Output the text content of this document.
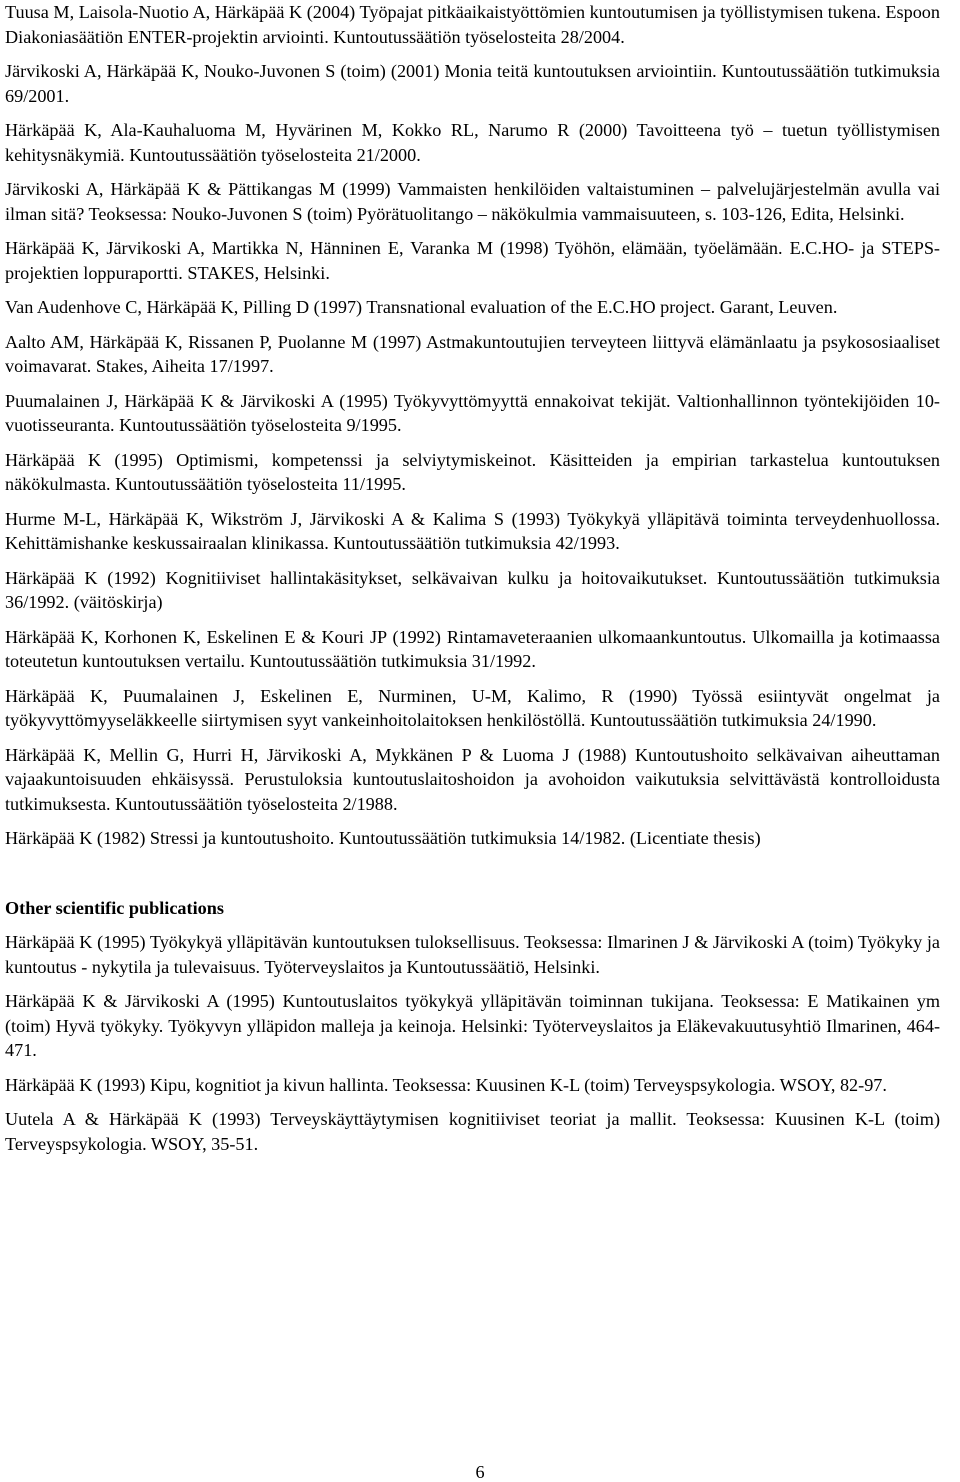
Tuusa M, Laisola-Nuotio A, Härkäpää K (2004) Työpajat pitkäaikaistyöttömien kuntoutumisen ja työllistymisen tukena. Espoon Diakoniasäätiön ENTER-projektin arviointi. Kuntoutussäätiön työselosteita 28/2004.

Järvikoski A, Härkäpää K, Nouko-Juvonen S (toim) (2001) Monia teitä kuntoutuksen arviointiin. Kuntoutussäätiön tutkimuksia 69/2001.

Härkäpää K, Ala-Kauhaluoma M, Hyvärinen M, Kokko RL, Narumo R (2000) Tavoitteena työ – tuetun työllistymisen kehitysnäkymiä. Kuntoutussäätiön työselosteita 21/2000.

Järvikoski A, Härkäpää K & Pättikangas M (1999) Vammaisten henkilöiden valtaistuminen – palvelujärjestelmän avulla vai ilman sitä? Teoksessa: Nouko-Juvonen S (toim) Pyörätuolitango – näkökulmia vammaisuuteen, s. 103-126, Edita, Helsinki.

Härkäpää K, Järvikoski A, Martikka N, Hänninen E, Varanka M (1998) Työhön, elämään, työelämään. E.C.HO- ja STEPS-projektien loppuraportti. STAKES, Helsinki.

Van Audenhove C, Härkäpää K, Pilling D (1997) Transnational evaluation of the E.C.HO project. Garant, Leuven.

Aalto AM, Härkäpää K, Rissanen P, Puolanne M (1997) Astmakuntoutujien terveyteen liittyvä elämänlaatu ja psykososiaaliset voimavarat. Stakes, Aiheita 17/1997.

Puumalainen J, Härkäpää K & Järvikoski A (1995) Työkyvyttömyyttä ennakoivat tekijät. Valtionhallinnon työntekijöiden 10-vuotisseuranta. Kuntoutussäätiön työselosteita 9/1995.

Härkäpää K (1995) Optimismi, kompetenssi ja selviytymiskeinot. Käsitteiden ja empirian tarkastelua kuntoutuksen näkökulmasta. Kuntoutussäätiön työselosteita 11/1995.

Hurme M-L, Härkäpää K, Wikström J, Järvikoski A & Kalima S (1993) Työkykyä ylläpitävä toiminta terveydenhuollossa. Kehittämishanke keskussairaalan klinikassa. Kuntoutussäätiön tutkimuksia 42/1993.

Härkäpää K (1992) Kognitiiviset hallintakäsitykset, selkävaivan kulku ja hoitovaikutukset. Kuntoutussäätiön tutkimuksia 36/1992. (väitöskirja)

Härkäpää K, Korhonen K, Eskelinen E & Kouri JP (1992) Rintamaveteraanien ulkomaankuntoutus. Ulkomailla ja kotimaassa toteutetun kuntoutuksen vertailu. Kuntoutussäätiön tutkimuksia 31/1992.

Härkäpää K, Puumalainen J, Eskelinen E, Nurminen, U-M, Kalimo, R (1990) Työssä esiintyvät ongelmat ja työkyvyttömyyseläkkeelle siirtymisen syyt vankeinhoitolaitoksen henkilöstöllä. Kuntoutussäätiön tutkimuksia 24/1990.

Härkäpää K, Mellin G, Hurri H, Järvikoski A, Mykkänen P & Luoma J (1988) Kuntoutushoito selkävaivan aiheuttaman vajaakuntoisuuden ehkäisyssä. Perustuloksia kuntoutuslaitoshoidon ja avohoidon vaikutuksia selvittävästä kontrolloidusta tutkimuksesta. Kuntoutussäätiön työselosteita 2/1988.

Härkäpää K (1982) Stressi ja kuntoutushoito. Kuntoutussäätiön tutkimuksia 14/1982. (Licentiate thesis)

Other scientific publications

Härkäpää K (1995) Työkykyä ylläpitävän kuntoutuksen tuloksellisuus. Teoksessa: Ilmarinen J & Järvikoski A (toim) Työkyky ja kuntoutus - nykytila ja tulevaisuus. Työterveyslaitos ja Kuntoutussäätiö, Helsinki.

Härkäpää K & Järvikoski A (1995) Kuntoutuslaitos työkykyä ylläpitävän toiminnan tukijana. Teoksessa: E Matikainen ym (toim) Hyvä työkyky. Työkyvyn ylläpidon malleja ja keinoja. Helsinki: Työterveyslaitos ja Eläkevakuutusyhtiö Ilmarinen, 464-471.

Härkäpää K (1993) Kipu, kognitiot ja kivun hallinta. Teoksessa: Kuusinen K-L (toim) Terveyspsykologia. WSOY, 82-97.

Uutela A & Härkäpää K (1993) Terveyskäyttäytymisen kognitiiviset teoriat ja mallit. Teoksessa: Kuusinen K-L (toim) Terveyspsykologia. WSOY, 35-51.

6
